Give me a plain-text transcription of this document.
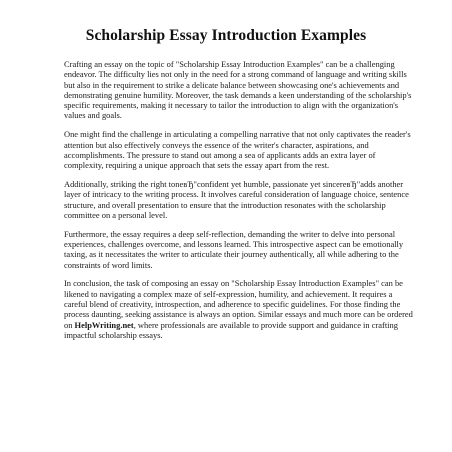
Scholarship Essay Introduction Examples

Crafting an essay on the topic of "Scholarship Essay Introduction Examples" can be a challenging endeavor. The difficulty lies not only in the need for a strong command of language and writing skills but also in the requirement to strike a delicate balance between showcasing one's achievements and demonstrating genuine humility. Moreover, the task demands a keen understanding of the scholarship's specific requirements, making it necessary to tailor the introduction to align with the organization's values and goals.

One might find the challenge in articulating a compelling narrative that not only captivates the reader's attention but also effectively conveys the essence of the writer's character, aspirations, and accomplishments. The pressure to stand out among a sea of applicants adds an extra layer of complexity, requiring a unique approach that sets the essay apart from the rest.

Additionally, striking the right toneвЂ"confident yet humble, passionate yet sincereвЂ"adds another layer of intricacy to the writing process. It involves careful consideration of language choice, sentence structure, and overall presentation to ensure that the introduction resonates with the scholarship committee on a personal level.

Furthermore, the essay requires a deep self-reflection, demanding the writer to delve into personal experiences, challenges overcome, and lessons learned. This introspective aspect can be emotionally taxing, as it necessitates the writer to articulate their journey authentically, all while adhering to the constraints of word limits.

In conclusion, the task of composing an essay on "Scholarship Essay Introduction Examples" can be likened to navigating a complex maze of self-expression, humility, and achievement. It requires a careful blend of creativity, introspection, and adherence to specific guidelines. For those finding the process daunting, seeking assistance is always an option. Similar essays and much more can be ordered on HelpWriting.net, where professionals are available to provide support and guidance in crafting impactful scholarship essays.
